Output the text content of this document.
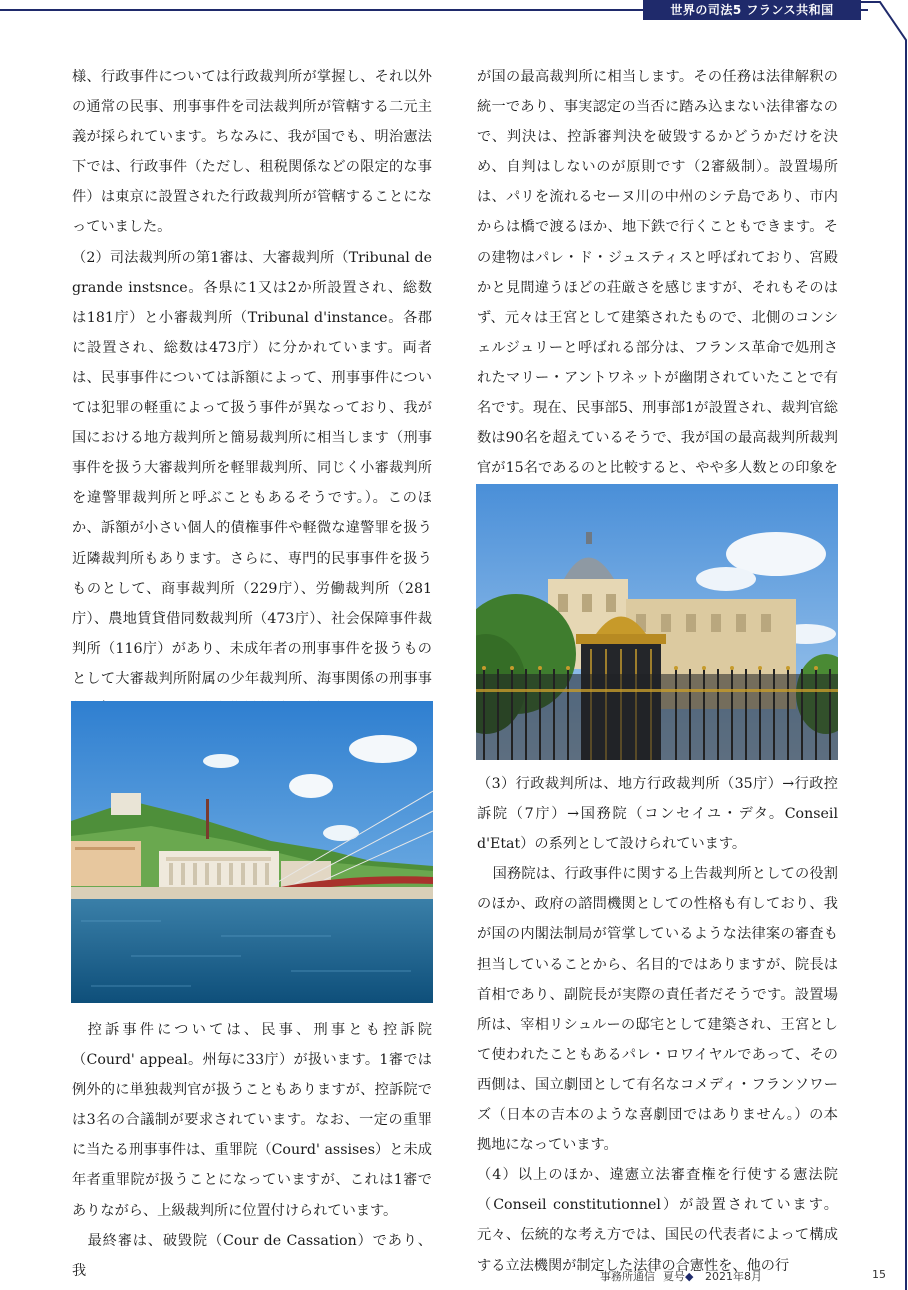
世界の司法5 フランス共和国

様、行政事件については行政裁判所が掌握し、それ以外の通常の民事、刑事事件を司法裁判所が管轄する二元主義が採られています。ちなみに、我が国でも、明治憲法下では、行政事件（ただし、租税関係などの限定的な事件）は東京に設置された行政裁判所が管轄することになっていました。

（2）司法裁判所の第1審は、大審裁判所（Tribunal de grande instsnce。各県に1又は2か所設置され、総数は181庁）と小審裁判所（Tribunal d'instance。各郡に設置され、総数は473庁）に分かれています。両者は、民事事件については訴額によって、刑事事件については犯罪の軽重によって扱う事件が異なっており、我が国における地方裁判所と簡易裁判所に相当します（刑事事件を扱う大審裁判所を軽罪裁判所、同じく小審裁判所を違警罪裁判所と呼ぶこともあるそうです。）。このほか、訴額が小さい個人的債権事件や軽微な違警罪を扱う近隣裁判所もあります。さらに、専門的民事事件を扱うものとして、商事裁判所（229庁）、労働裁判所（281庁）、農地賃貸借同数裁判所（473庁）、社会保障事件裁判所（116庁）があり、未成年者の刑事事件を扱うものとして大審裁判所附属の少年裁判所、海事関係の刑事事

控訴事件については、民事、刑事とも控訴院（Courd' appeal。州毎に33庁）が扱います。1審では例外的に単独裁判官が扱うこともありますが、控訴院では3名の合議制が要求されています。なお、一定の重罪に当たる刑事事件は、重罪院（Courd' assises）と未成年者重罪院が扱うことになっていますが、これは1審でありながら、上級裁判所に位置付けられています。

最終審は、破毀院（Cour de Cassation）であり、我

が国の最高裁判所に相当します。その任務は法律解釈の統一であり、事実認定の当否に踏み込まない法律審なので、判決は、控訴審判決を破毀するかどうかだけを決め、自判はしないのが原則です（2審級制）。設置場所は、パリを流れるセーヌ川の中州のシテ島であり、市内からは橋で渡るほか、地下鉄で行くこともできます。その建物はパレ・ド・ジュスティスと呼ばれており、宮殿かと見間違うほどの荘厳さを感じますが、それもそのはず、元々は王宮として建築されたもので、北側のコンシェルジュリーと呼ばれる部分は、フランス革命で処刑されたマリー・アントワネットが幽閉されていたことで有名です。現在、民事部5、刑事部1が設置され、裁判官総数は90名を超えているそうで、我が国の最高裁判所裁判官が15名であるのと比較すると、やや多人数との印象を

（3）行政裁判所は、地方行政裁判所（35庁）→行政控訴院（7庁）→国務院（コンセイユ・デタ。Conseil d'Etat）の系列として設けられています。

国務院は、行政事件に関する上告裁判所としての役割のほか、政府の諮問機関としての性格も有しており、我が国の内閣法制局が管掌しているような法律案の審査も担当していることから、名目的ではありますが、院長は首相であり、副院長が実際の責任者だそうです。設置場所は、宰相リシュルーの邸宅として建築され、王宮として使われたこともあるパレ・ロワイヤルであって、その西側は、国立劇団として有名なコメディ・フランソワーズ（日本の吉本のような喜劇団ではありません。）の本拠地になっています。

（4）以上のほか、違憲立法審査権を行使する憲法院（Conseil constitutionnel）が設置されています。元々、伝統的な考え方では、国民の代表者によって構成する立法機関が制定した法律の合憲性を、他の行

事務所通信 夏号◆ 2021年8月	15
